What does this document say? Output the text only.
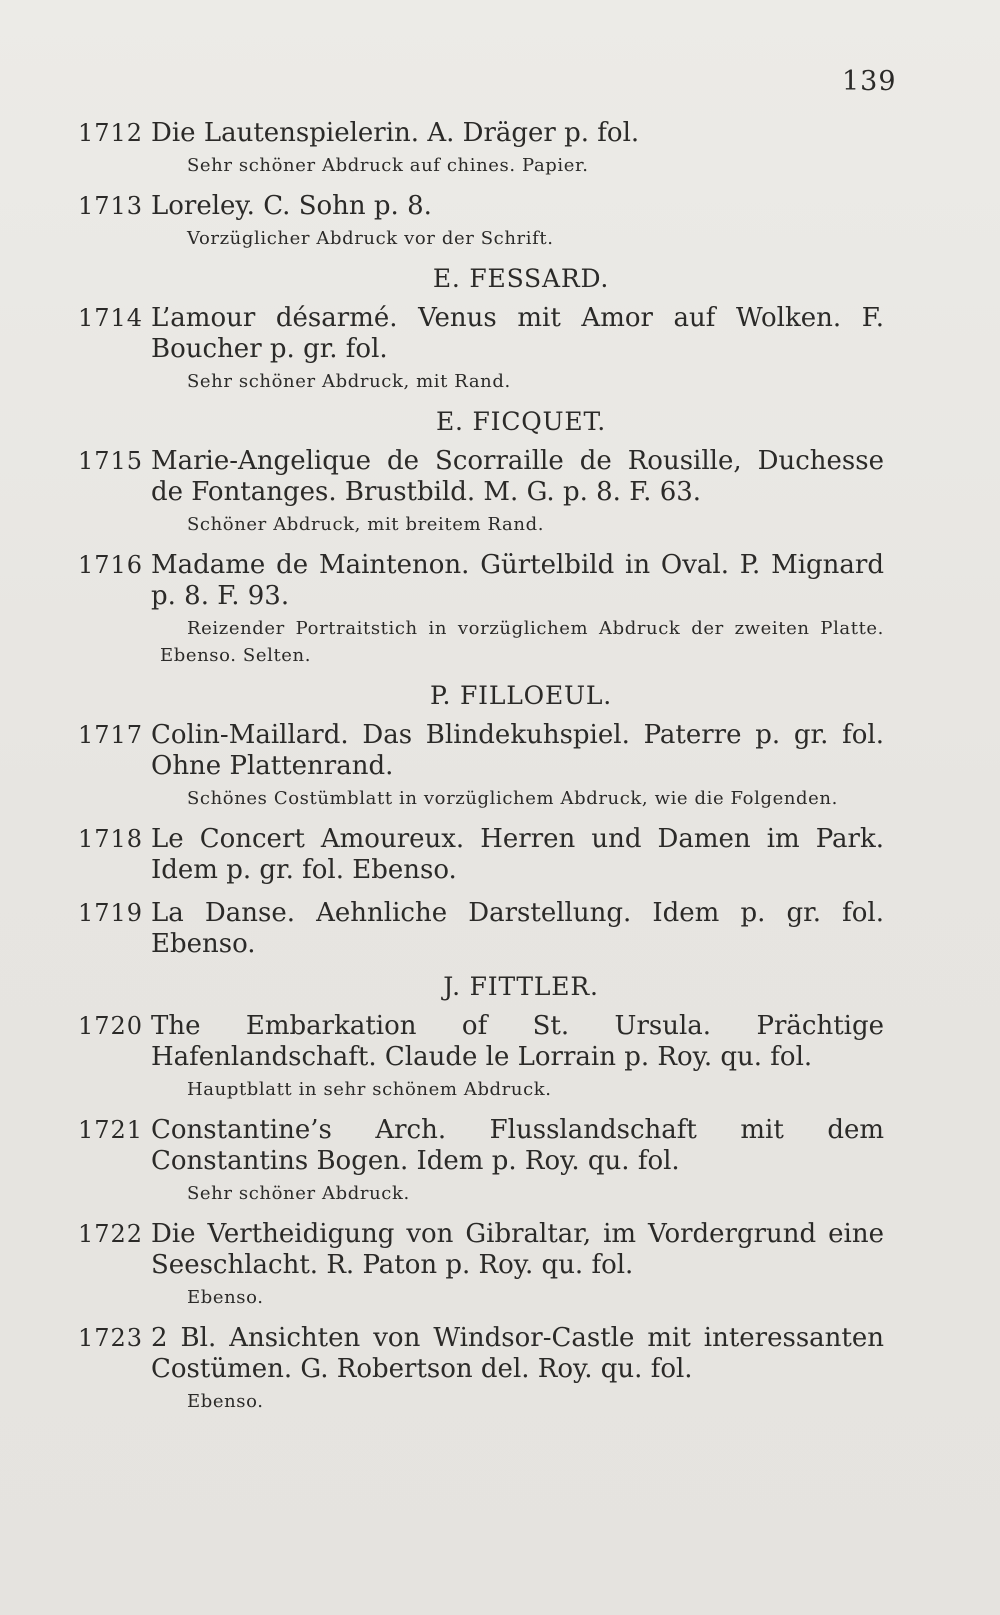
139
1712 Die Lautenspielerin. A. Dräger p. fol.
Sehr schöner Abdruck auf chines. Papier.
1713 Loreley. C. Sohn p. 8.
Vorzüglicher Abdruck vor der Schrift.
E. FESSARD.
1714 L’amour désarmé. Venus mit Amor auf Wolken. F. Boucher p. gr. fol.
Sehr schöner Abdruck, mit Rand.
E. FICQUET.
1715 Marie-Angelique de Scorraille de Rousille, Duchesse de Fontanges. Brustbild. M. G. p. 8. F. 63.
Schöner Abdruck, mit breitem Rand.
1716 Madame de Maintenon. Gürtelbild in Oval. P. Mignard p. 8. F. 93.
Reizender Portraitstich in vorzüglichem Abdruck der zweiten Platte. Ebenso. Selten.
P. FILLOEUL.
1717 Colin-Maillard. Das Blindekuhspiel. Paterre p. gr. fol. Ohne Plattenrand.
Schönes Costümblatt in vorzüglichem Abdruck, wie die Folgenden.
1718 Le Concert Amoureux. Herren und Damen im Park. Idem p. gr. fol. Ebenso.
1719 La Danse. Aehnliche Darstellung. Idem p. gr. fol. Ebenso.
J. FITTLER.
1720 The Embarkation of St. Ursula. Prächtige Hafenlandschaft. Claude le Lorrain p. Roy. qu. fol.
Hauptblatt in sehr schönem Abdruck.
1721 Constantine’s Arch. Flusslandschaft mit dem Constantins Bogen. Idem p. Roy. qu. fol.
Sehr schöner Abdruck.
1722 Die Vertheidigung von Gibraltar, im Vordergrund eine Seeschlacht. R. Paton p. Roy. qu. fol.
Ebenso.
1723 2 Bl. Ansichten von Windsor-Castle mit interessanten Costümen. G. Robertson del. Roy. qu. fol.
Ebenso.
